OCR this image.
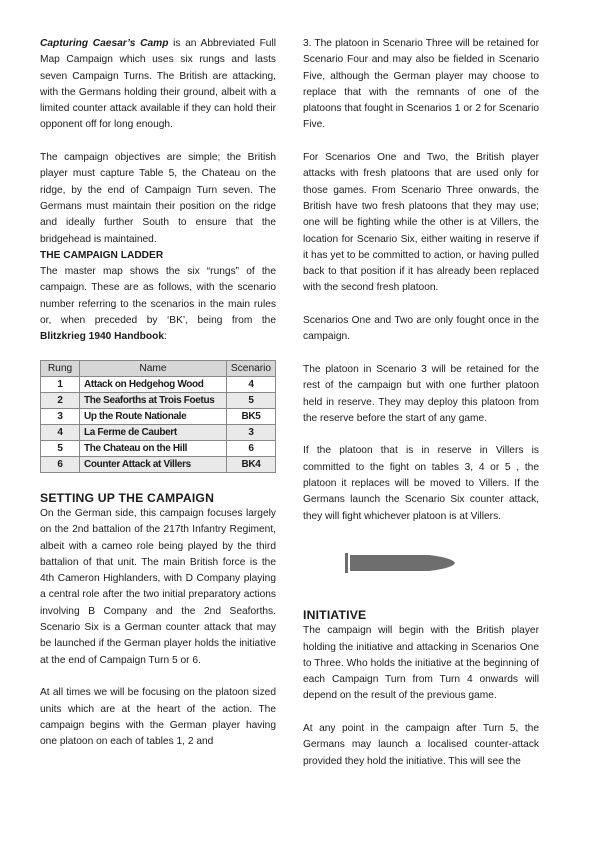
Capturing Caesar’s Camp is an Abbreviated Full Map Campaign which uses six rungs and lasts seven Campaign Turns. The British are attacking, with the Germans holding their ground, albeit with a limited counter attack available if they can hold their opponent off for long enough.

The campaign objectives are simple; the British player must capture Table 5, the Chateau on the ridge, by the end of Campaign Turn seven. The Germans must maintain their position on the ridge and ideally further South to ensure that the bridgehead is maintained.

THE CAMPAIGN LADDER

The master map shows the six “rungs” of the campaign. These are as follows, with the scenario number referring to the scenarios in the main rules or, when preceded by ‘BK’, being from the Blitzkrieg 1940 Handbook:

Rung	Name	Scenario
1	Attack on Hedgehog Wood	4
2	The Seaforths at Trois Foetus	5
3	Up the Route Nationale	BK5
4	La Ferme de Caubert	3
5	The Chateau on the Hill	6
6	Counter Attack at Villers	BK4
SETTING UP THE CAMPAIGN

On the German side, this campaign focuses largely on the 2nd battalion of the 217th Infantry Regiment, albeit with a cameo role being played by the third battalion of that unit. The main British force is the 4th Cameron Highlanders, with D Company playing a central role after the two initial preparatory actions involving B Company and the 2nd Seaforths. Scenario Six is a German counter attack that may be launched if the German player holds the initiative at the end of Campaign Turn 5 or 6.

At all times we will be focusing on the platoon sized units which are at the heart of the action. The campaign begins with the German player having one platoon on each of tables 1, 2 and

3. The platoon in Scenario Three will be retained for Scenario Four and may also be fielded in Scenario Five, although the German player may choose to replace that with the remnants of one of the platoons that fought in Scenarios 1 or 2 for Scenario Five.

For Scenarios One and Two, the British player attacks with fresh platoons that are used only for those games. From Scenario Three onwards, the British have two fresh platoons that they may use; one will be fighting while the other is at Villers, the location for Scenario Six, either waiting in reserve if it has yet to be committed to action, or having pulled back to that position if it has already been replaced with the second fresh platoon.

Scenarios One and Two are only fought once in the campaign.

The platoon in Scenario 3 will be retained for the rest of the campaign but with one further platoon held in reserve. They may deploy this platoon from the reserve before the start of any game.

If the platoon that is in reserve in Villers is committed to the fight on tables 3, 4 or 5 , the platoon it replaces will be moved to Villers. If the Germans launch the Scenario Six counter attack, they will fight whichever platoon is at Villers.

INITIATIVE

The campaign will begin with the British player holding the initiative and attacking in Scenarios One to Three. Who holds the initiative at the beginning of each Campaign Turn from Turn 4 onwards will depend on the result of the previous game.

At any point in the campaign after Turn 5, the Germans may launch a localised counter-attack provided they hold the initiative. This will see the
